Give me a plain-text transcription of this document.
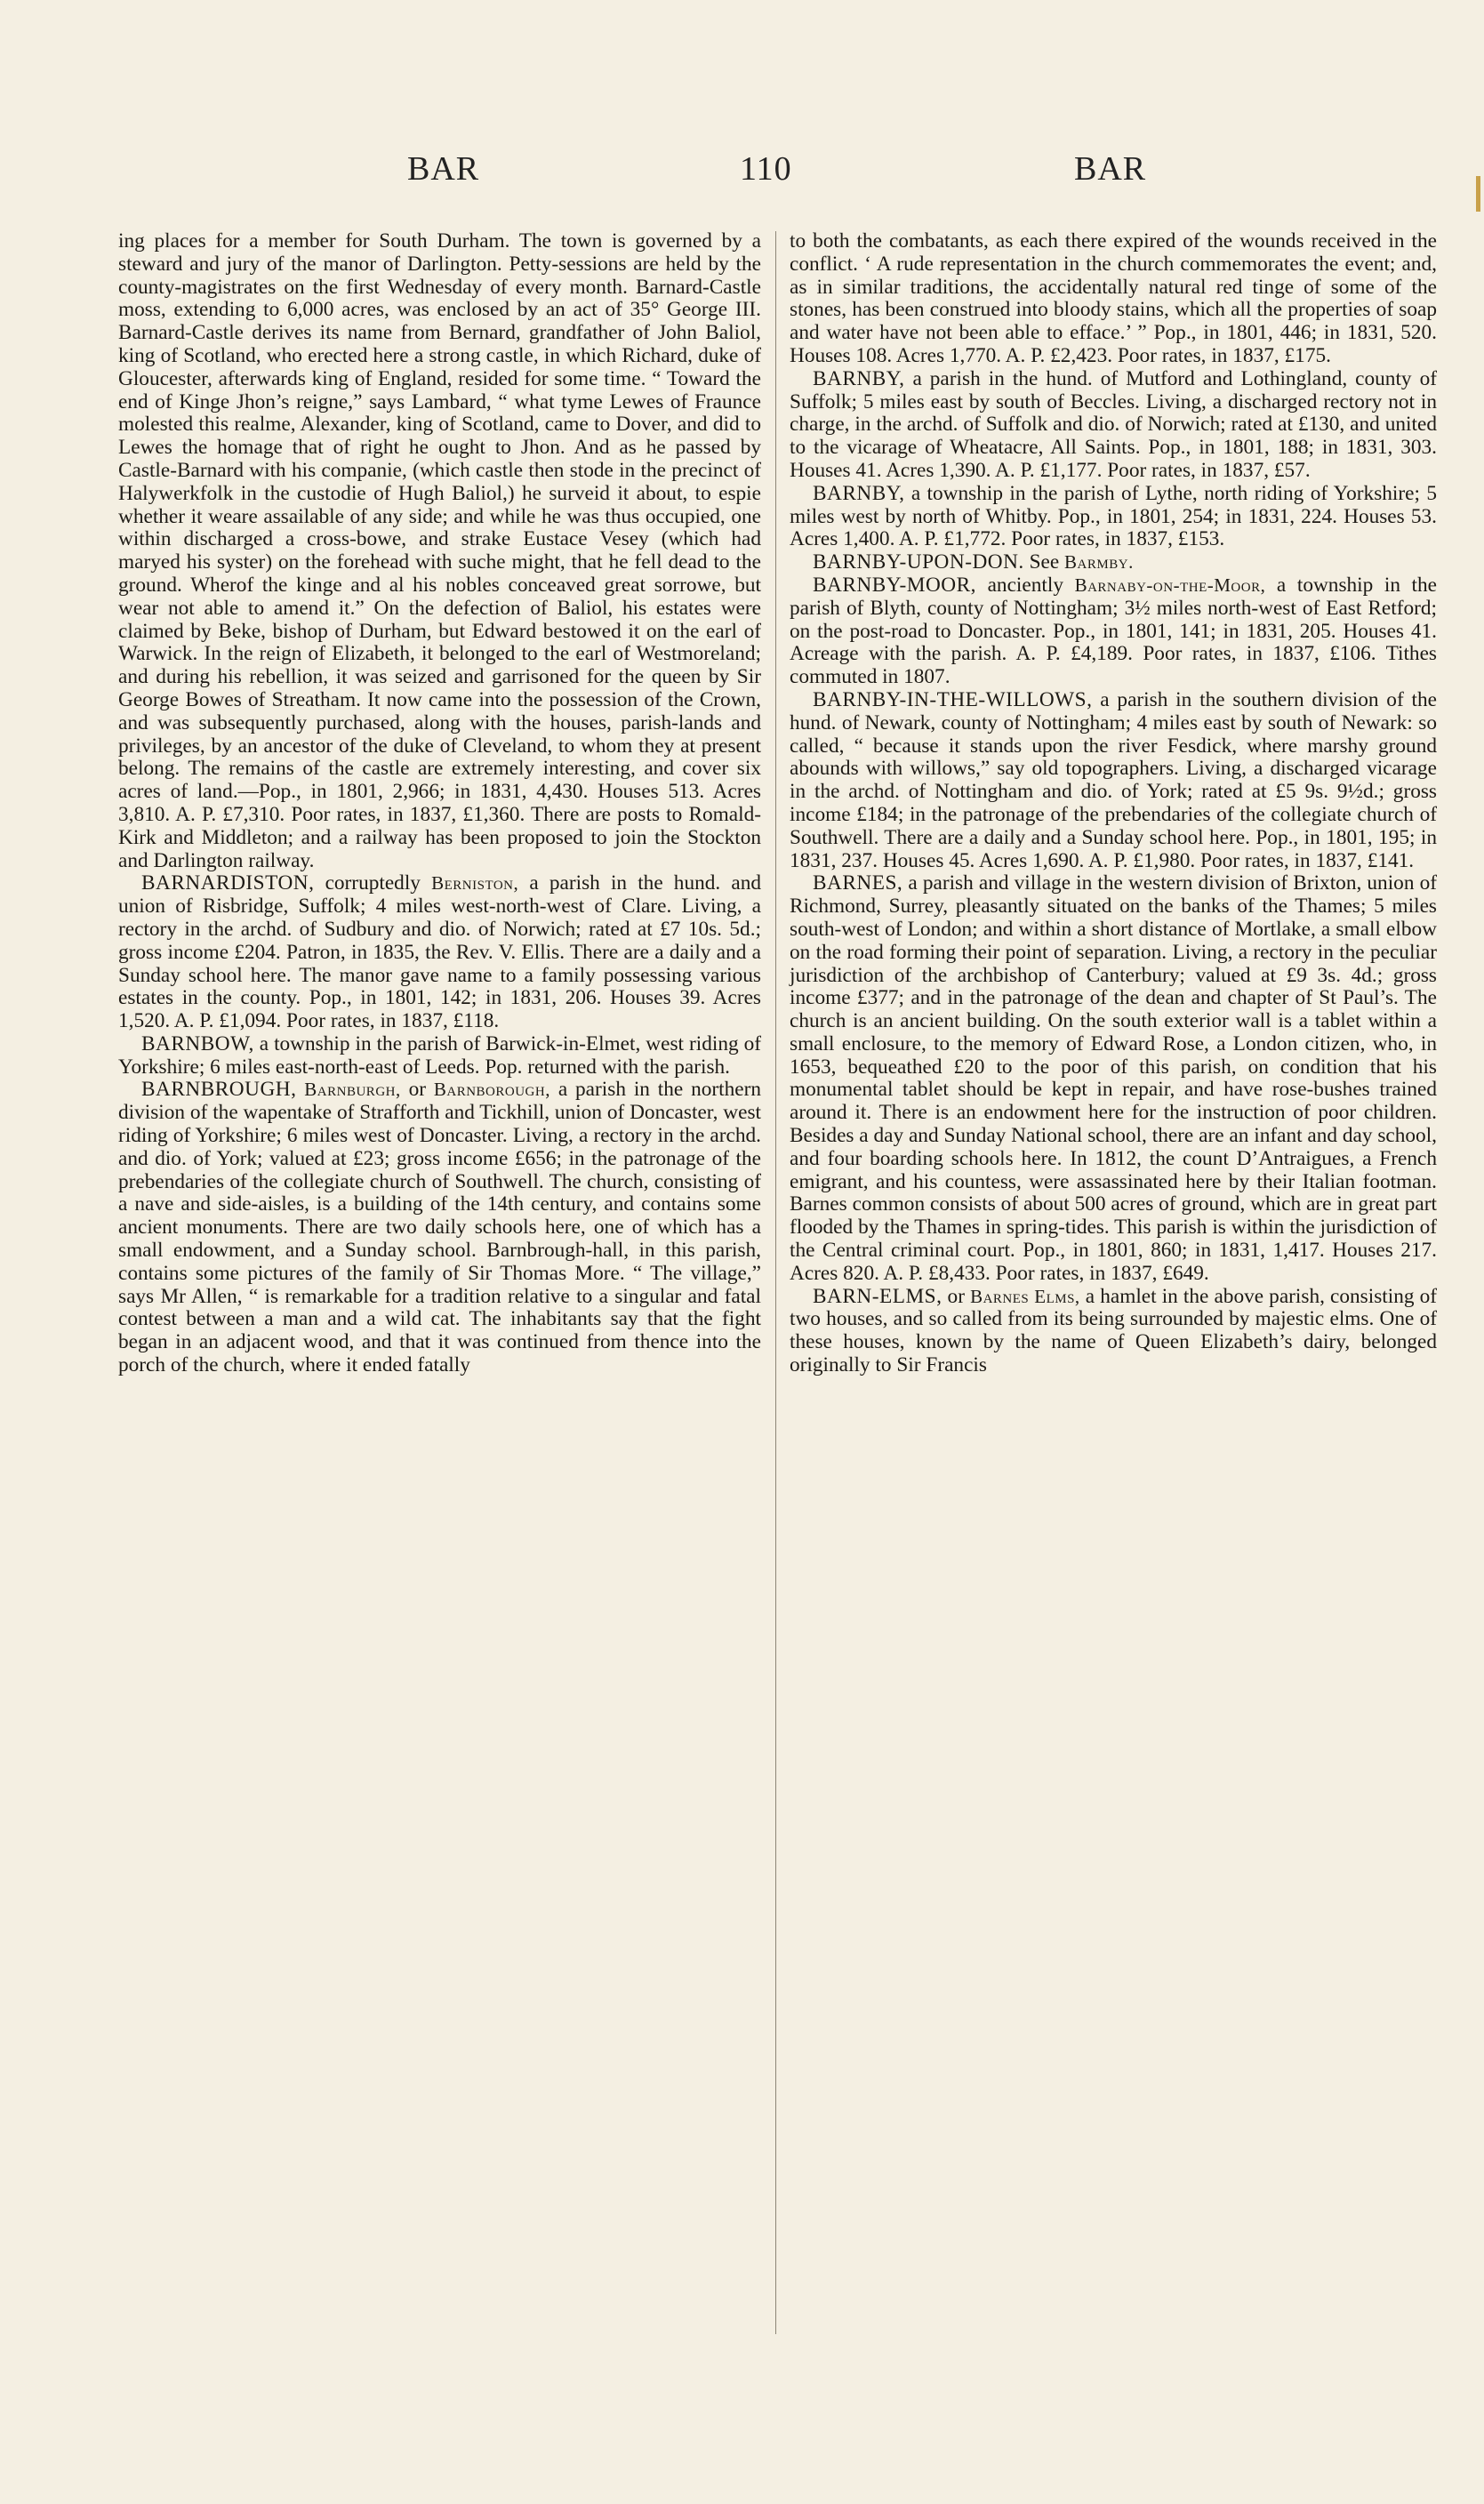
BAR	110	BAR

ing places for a member for South Durham. The town is governed by a steward and jury of the manor of Darlington. Petty-sessions are held by the county-magistrates on the first Wednesday of every month. Barnard-Castle moss, extending to 6,000 acres, was enclosed by an act of 35° George III. Barnard-Castle derives its name from Bernard, grandfather of John Baliol, king of Scotland, who erected here a strong castle, in which Richard, duke of Gloucester, afterwards king of England, resided for some time. “ Toward the end of Kinge Jhon’s reigne,” says Lambard, “ what tyme Lewes of Fraunce molested this realme, Alexander, king of Scotland, came to Dover, and did to Lewes the homage that of right he ought to Jhon. And as he passed by Castle-Barnard with his companie, (which castle then stode in the precinct of Halywerkfolk in the custodie of Hugh Baliol,) he surveid it about, to espie whether it weare assailable of any side; and while he was thus occupied, one within discharged a cross-bowe, and strake Eustace Vesey (which had maryed his syster) on the forehead with suche might, that he fell dead to the ground. Wherof the kinge and al his nobles conceaved great sorrowe, but wear not able to amend it.” On the defection of Baliol, his estates were claimed by Beke, bishop of Durham, but Edward bestowed it on the earl of Warwick. In the reign of Elizabeth, it belonged to the earl of Westmoreland; and during his rebellion, it was seized and garrisoned for the queen by Sir George Bowes of Streatham. It now came into the possession of the Crown, and was subsequently purchased, along with the houses, parish-lands and privileges, by an ancestor of the duke of Cleveland, to whom they at present belong. The remains of the castle are extremely interesting, and cover six acres of land.—Pop., in 1801, 2,966; in 1831, 4,430. Houses 513. Acres 3,810. A. P. £7,310. Poor rates, in 1837, £1,360. There are posts to Romald-Kirk and Middleton; and a railway has been proposed to join the Stockton and Darlington railway.

BARNARDISTON, corruptedly Berniston, a parish in the hund. and union of Risbridge, Suffolk; 4 miles west-north-west of Clare. Living, a rectory in the archd. of Sudbury and dio. of Norwich; rated at £7 10s. 5d.; gross income £204. Patron, in 1835, the Rev. V. Ellis. There are a daily and a Sunday school here. The manor gave name to a family possessing various estates in the county. Pop., in 1801, 142; in 1831, 206. Houses 39. Acres 1,520. A. P. £1,094. Poor rates, in 1837, £118.

BARNBOW, a township in the parish of Barwick-in-Elmet, west riding of Yorkshire; 6 miles east-north-east of Leeds. Pop. returned with the parish.

BARNBROUGH, Barnburgh, or Barnborough, a parish in the northern division of the wapentake of Strafforth and Tickhill, union of Doncaster, west riding of Yorkshire; 6 miles west of Doncaster. Living, a rectory in the archd. and dio. of York; valued at £23; gross income £656; in the patronage of the prebendaries of the collegiate church of Southwell. The church, consisting of a nave and side-aisles, is a building of the 14th century, and contains some ancient monuments. There are two daily schools here, one of which has a small endowment, and a Sunday school. Barnbrough-hall, in this parish, contains some pictures of the family of Sir Thomas More. “ The village,” says Mr Allen, “ is remarkable for a tradition relative to a singular and fatal contest between a man and a wild cat. The inhabitants say that the fight began in an adjacent wood, and that it was continued from thence into the porch of the church, where it ended fatally

to both the combatants, as each there expired of the wounds received in the conflict. ‘ A rude representation in the church commemorates the event; and, as in similar traditions, the accidentally natural red tinge of some of the stones, has been construed into bloody stains, which all the properties of soap and water have not been able to efface.’ ” Pop., in 1801, 446; in 1831, 520. Houses 108. Acres 1,770. A. P. £2,423. Poor rates, in 1837, £175.

BARNBY, a parish in the hund. of Mutford and Lothingland, county of Suffolk; 5 miles east by south of Beccles. Living, a discharged rectory not in charge, in the archd. of Suffolk and dio. of Norwich; rated at £130, and united to the vicarage of Wheatacre, All Saints. Pop., in 1801, 188; in 1831, 303. Houses 41. Acres 1,390. A. P. £1,177. Poor rates, in 1837, £57.

BARNBY, a township in the parish of Lythe, north riding of Yorkshire; 5 miles west by north of Whitby. Pop., in 1801, 254; in 1831, 224. Houses 53. Acres 1,400. A. P. £1,772. Poor rates, in 1837, £153.

BARNBY-UPON-DON. See Barmby.

BARNBY-MOOR, anciently Barnaby-on-the-Moor, a township in the parish of Blyth, county of Nottingham; 3½ miles north-west of East Retford; on the post-road to Doncaster. Pop., in 1801, 141; in 1831, 205. Houses 41. Acreage with the parish. A. P. £4,189. Poor rates, in 1837, £106. Tithes commuted in 1807.

BARNBY-IN-THE-WILLOWS, a parish in the southern division of the hund. of Newark, county of Nottingham; 4 miles east by south of Newark: so called, “ because it stands upon the river Fesdick, where marshy ground abounds with willows,” say old topographers. Living, a discharged vicarage in the archd. of Nottingham and dio. of York; rated at £5 9s. 9½d.; gross income £184; in the patronage of the prebendaries of the collegiate church of Southwell. There are a daily and a Sunday school here. Pop., in 1801, 195; in 1831, 237. Houses 45. Acres 1,690. A. P. £1,980. Poor rates, in 1837, £141.

BARNES, a parish and village in the western division of Brixton, union of Richmond, Surrey, pleasantly situated on the banks of the Thames; 5 miles south-west of London; and within a short distance of Mortlake, a small elbow on the road forming their point of separation. Living, a rectory in the peculiar jurisdiction of the archbishop of Canterbury; valued at £9 3s. 4d.; gross income £377; and in the patronage of the dean and chapter of St Paul’s. The church is an ancient building. On the south exterior wall is a tablet within a small enclosure, to the memory of Edward Rose, a London citizen, who, in 1653, bequeathed £20 to the poor of this parish, on condition that his monumental tablet should be kept in repair, and have rose-bushes trained around it. There is an endowment here for the instruction of poor children. Besides a day and Sunday National school, there are an infant and day school, and four boarding schools here. In 1812, the count D’Antraigues, a French emigrant, and his countess, were assassinated here by their Italian footman. Barnes common consists of about 500 acres of ground, which are in great part flooded by the Thames in spring-tides. This parish is within the jurisdiction of the Central criminal court. Pop., in 1801, 860; in 1831, 1,417. Houses 217. Acres 820. A. P. £8,433. Poor rates, in 1837, £649.

BARN-ELMS, or Barnes Elms, a hamlet in the above parish, consisting of two houses, and so called from its being surrounded by majestic elms. One of these houses, known by the name of Queen Elizabeth’s dairy, belonged originally to Sir Francis
